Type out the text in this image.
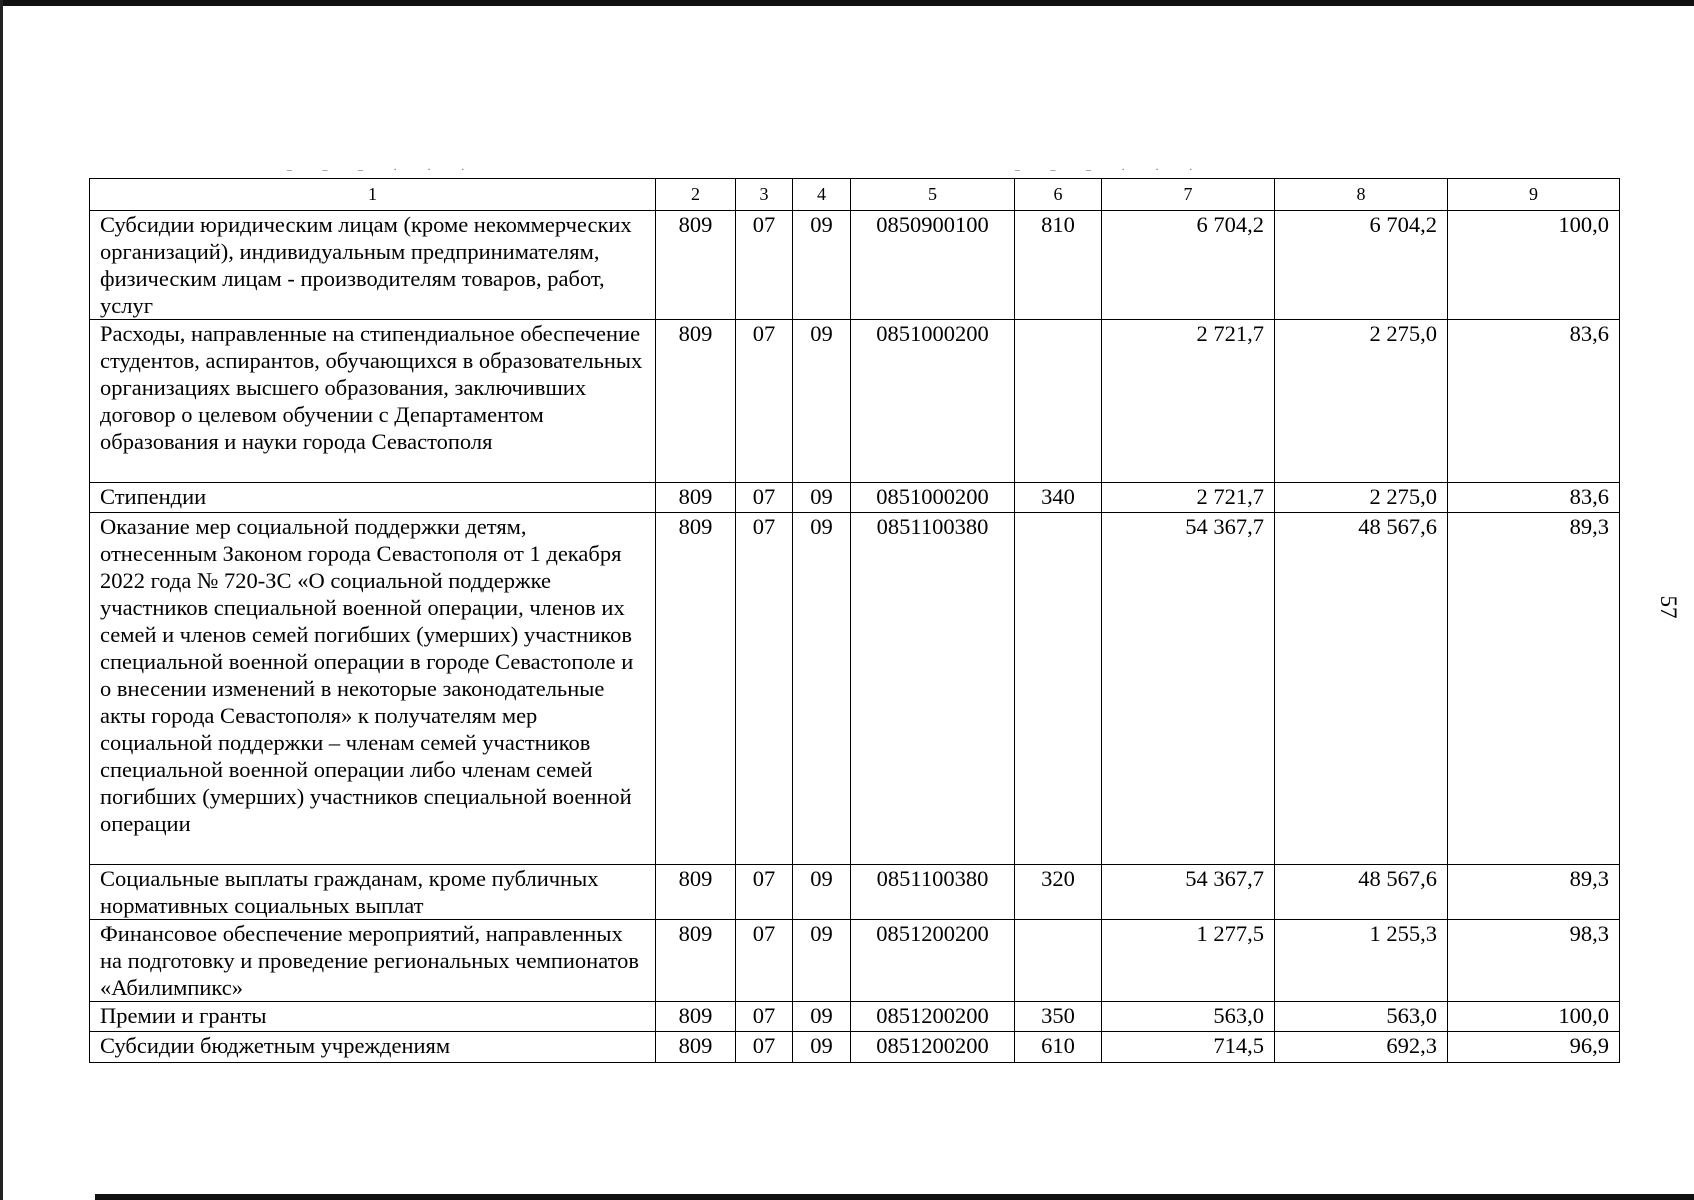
– – – · · ·	– – – · · ·
57
1	2	3	4	5	6	7	8	9
Субсидии юридическим лицам (кроме некоммерческих организаций), индивидуальным предпринимателям, физическим лицам - производителям товаров, работ, услуг	809	07	09	0850900100	810	6 704,2	6 704,2	100,0
Расходы, направленные на стипендиальное обеспечение студентов, аспирантов, обучающихся в образовательных организациях высшего образования, заключивших договор о целевом обучении с Департаментом образования и науки города Севастополя	809	07	09	0851000200		2 721,7	2 275,0	83,6
Стипендии	809	07	09	0851000200	340	2 721,7	2 275,0	83,6
Оказание мер социальной поддержки детям, отнесенным Законом города Севастополя от 1 декабря 2022 года № 720-ЗС «О социальной поддержке участников специальной военной операции, членов их семей и членов семей погибших (умерших) участников специальной военной операции в городе Севастополе и о внесении изменений в некоторые законодательные акты города Севастополя» к получателям мер социальной поддержки – членам семей участников специальной военной операции либо членам семей погибших (умерших) участников специальной военной операции	809	07	09	0851100380		54 367,7	48 567,6	89,3
Социальные выплаты гражданам, кроме публичных нормативных социальных выплат	809	07	09	0851100380	320	54 367,7	48 567,6	89,3
Финансовое обеспечение мероприятий, направленных на подготовку и проведение региональных чемпионатов «Абилимпикс»	809	07	09	0851200200		1 277,5	1 255,3	98,3
Премии и гранты	809	07	09	0851200200	350	563,0	563,0	100,0
Субсидии бюджетным учреждениям	809	07	09	0851200200	610	714,5	692,3	96,9
